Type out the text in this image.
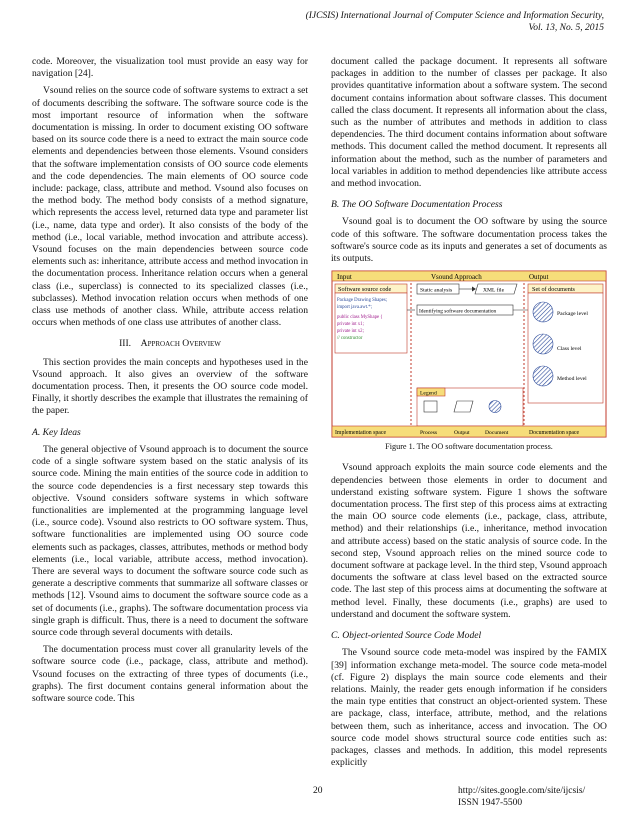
(IJCSIS) International Journal of Computer Science and Information Security,
Vol. 13, No. 5, 2015

code. Moreover, the visualization tool must provide an easy way for navigation [24].

Vsound relies on the source code of software systems to extract a set of documents describing the software. The software source code is the most important resource of information when the software documentation is missing. In order to document existing OO software based on its source code there is a need to extract the main source code elements and dependencies between those elements. Vsound considers that the software implementation consists of OO source code elements and the code dependencies. The main elements of OO source code include: package, class, attribute and method. Vsound also focuses on the method body. The method body consists of a method signature, which represents the access level, returned data type and parameter list (i.e., name, data type and order). It also consists of the body of the method (i.e., local variable, method invocation and attribute access). Vsound focuses on the main dependencies between source code elements such as: inheritance, attribute access and method invocation in the documentation process. Inheritance relation occurs when a general class (i.e., superclass) is connected to its specialized classes (i.e., subclasses). Method invocation relation occurs when methods of one class use methods of another class. While, attribute access relation occurs when methods of one class use attributes of another class.

III. Approach Overview

This section provides the main concepts and hypotheses used in the Vsound approach. It also gives an overview of the software documentation process. Then, it presents the OO source code model. Finally, it shortly describes the example that illustrates the remaining of the paper.

A. Key Ideas

The general objective of Vsound approach is to document the source code of a single software system based on the static analysis of its source code. Mining the main entities of the source code in addition to the source code dependencies is a first necessary step towards this objective. Vsound considers software systems in which software functionalities are implemented at the programming language level (i.e., source code). Vsound also restricts to OO software system. Thus, software functionalities are implemented using OO source code elements such as packages, classes, attributes, methods or method body elements (i.e., local variable, attribute access, method invocation). There are several ways to document the software source code such as generate a descriptive comments that summarize all software classes or methods [12]. Vsound aims to document the software source code as a set of documents (i.e., graphs). The software documentation process via single graph is difficult. Thus, there is a need to document the software source code through several documents with details.

The documentation process must cover all granularity levels of the software source code (i.e., package, class, attribute and method). Vsound focuses on the extracting of three types of documents (i.e., graphs). The first document contains general information about the software source code. This

document called the package document. It represents all software packages in addition to the number of classes per package. It also provides quantitative information about a software system. The second document contains information about software classes. This document called the class document. It represents all information about the class, such as the number of attributes and methods in addition to class dependencies. The third document contains information about software methods. This document called the method document. It represents all information about the method, such as the number of parameters and local variables in addition to method dependencies like attribute access and method invocation.

B. The OO Software Documentation Process

Vsound goal is to document the OO software by using the source code of this software. The software documentation process takes the software's source code as its inputs and generates a set of documents as its outputs.

Input	Vsound Approach	Output
Software source code
Package Drawing Shapes;
import java.awt.*;
public class MyShape {
private int x1;
private int x2;
// constructor
Static analysis	XML file
Identifying software documentation
Set of documents
Package level
Class level
Method level
Legend
Implementation space	Process	Output	Document	Documentation space
Figure 1. The OO software documentation process.

Vsound approach exploits the main source code elements and the dependencies between those elements in order to document and understand existing software system. Figure 1 shows the software documentation process. The first step of this process aims at extracting the main OO source code elements (i.e., package, class, attribute, method) and their relationships (i.e., inheritance, method invocation and attribute access) based on the static analysis of source code. In the second step, Vsound approach relies on the mined source code to document software at package level. In the third step, Vsound approach documents the software at class level based on the extracted source code. The last step of this process aims at documenting the software at method level. Finally, these documents (i.e., graphs) are used to understand and document the software system.

C. Object-oriented Source Code Model

The Vsound source code meta-model was inspired by the FAMIX [39] information exchange meta-model. The source code meta-model (cf. Figure 2) displays the main source code elements and their relations. Mainly, the reader gets enough information if he considers the main type entities that construct an object-oriented system. These are package, class, interface, attribute, method, and the relations between them, such as inheritance, access and invocation. The OO source code model shows structural source code entities such as: packages, classes and methods. In addition, this model represents explicitly

20	http://sites.google.com/site/ijcsis/
ISSN 1947-5500
